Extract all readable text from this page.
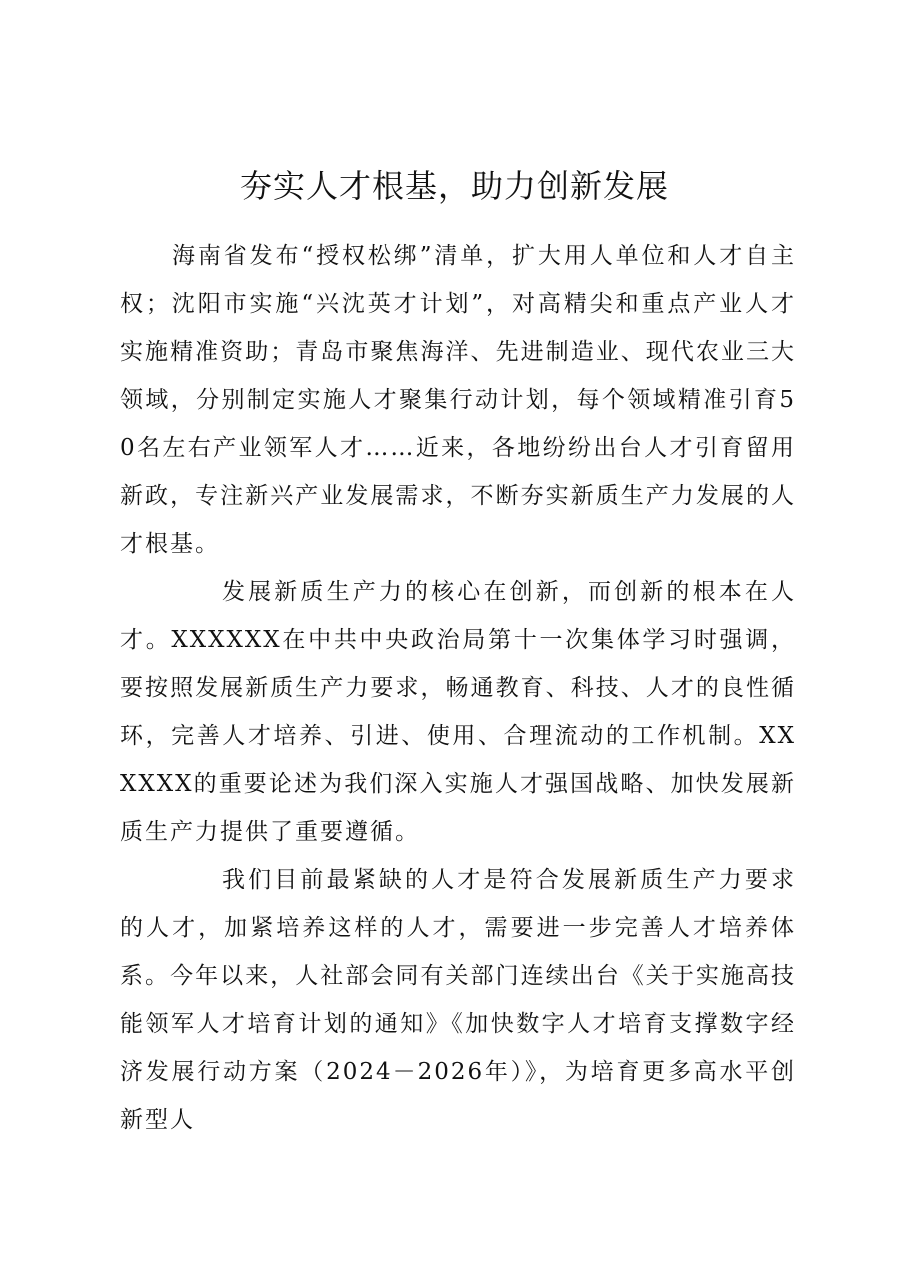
夯实人才根基，助力创新发展

海南省发布“授权松绑”清单，扩大用人单位和人才自主权；沈阳市实施“兴沈英才计划”，对高精尖和重点产业人才实施精准资助；青岛市聚焦海洋、先进制造业、现代农业三大领域，分别制定实施人才聚集行动计划，每个领域精准引育50名左右产业领军人才……近来，各地纷纷出台人才引育留用新政，专注新兴产业发展需求，不断夯实新质生产力发展的人才根基。

发展新质生产力的核心在创新，而创新的根本在人才。XXXXXX在中共中央政治局第十一次集体学习时强调，要按照发展新质生产力要求，畅通教育、科技、人才的良性循环，完善人才培养、引进、使用、合理流动的工作机制。XXXXXX的重要论述为我们深入实施人才强国战略、加快发展新质生产力提供了重要遵循。

我们目前最紧缺的人才是符合发展新质生产力要求的人才，加紧培养这样的人才，需要进一步完善人才培养体系。今年以来，人社部会同有关部门连续出台《关于实施高技能领军人才培育计划的通知》《加快数字人才培育支撑数字经济发展行动方案（2024－2026年）》，为培育更多高水平创新型人
